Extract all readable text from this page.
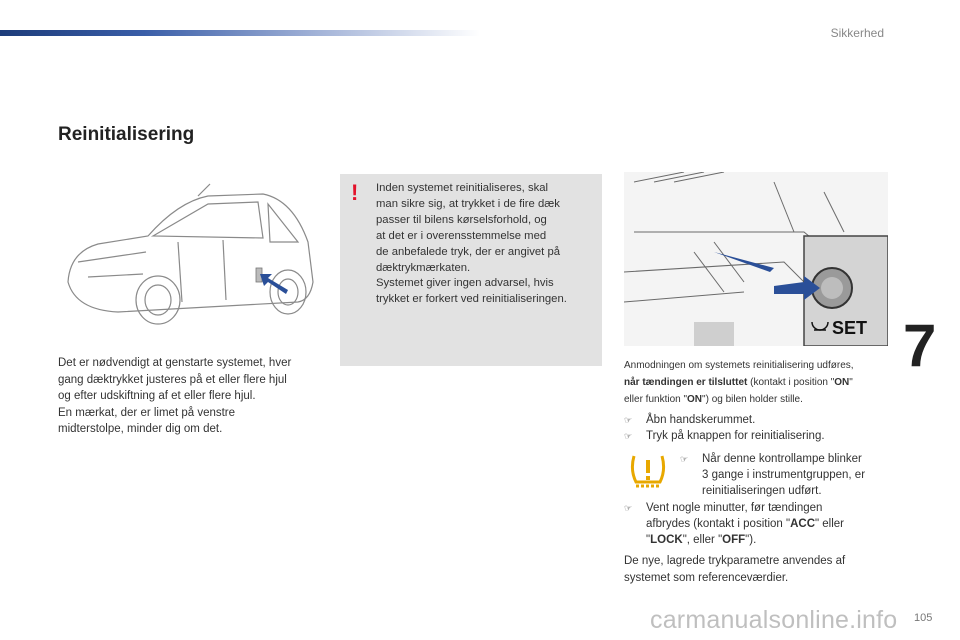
Sikkerhed
7
Reinitialisering
Det er nødvendigt at genstarte systemet, hver
gang dæktrykket justeres på et eller flere hjul
og efter udskiftning af et eller flere hjul.
En mærkat, der er limet på venstre
midterstolpe, minder dig om det.
! Inden systemet reinitialiseres, skal
man sikre sig, at trykket i de fire dæk
passer til bilens kørselsforhold, og
at det er i overensstemmelse med
de anbefalede tryk, der er angivet på
dæktrykmærkaten.
Systemet giver ingen advarsel, hvis
trykket er forkert ved reinitialiseringen.
SET
Anmodningen om systemets reinitialisering udføres,
når tændingen er tilsluttet (kontakt i position "ON"
eller funktion "ON") og bilen holder stille.
☞ Åbn handskerummet.
☞ Tryk på knappen for reinitialisering.
☞	Når denne kontrollampe blinker
3 gange i instrumentgruppen, er
reinitialiseringen udført.
☞	Vent nogle minutter, før tændingen
afbrydes (kontakt i position "ACC" eller
"LOCK", eller "OFF").
De nye, lagrede trykparametre anvendes af
systemet som referenceværdier.
carmanualsonline.info 105
